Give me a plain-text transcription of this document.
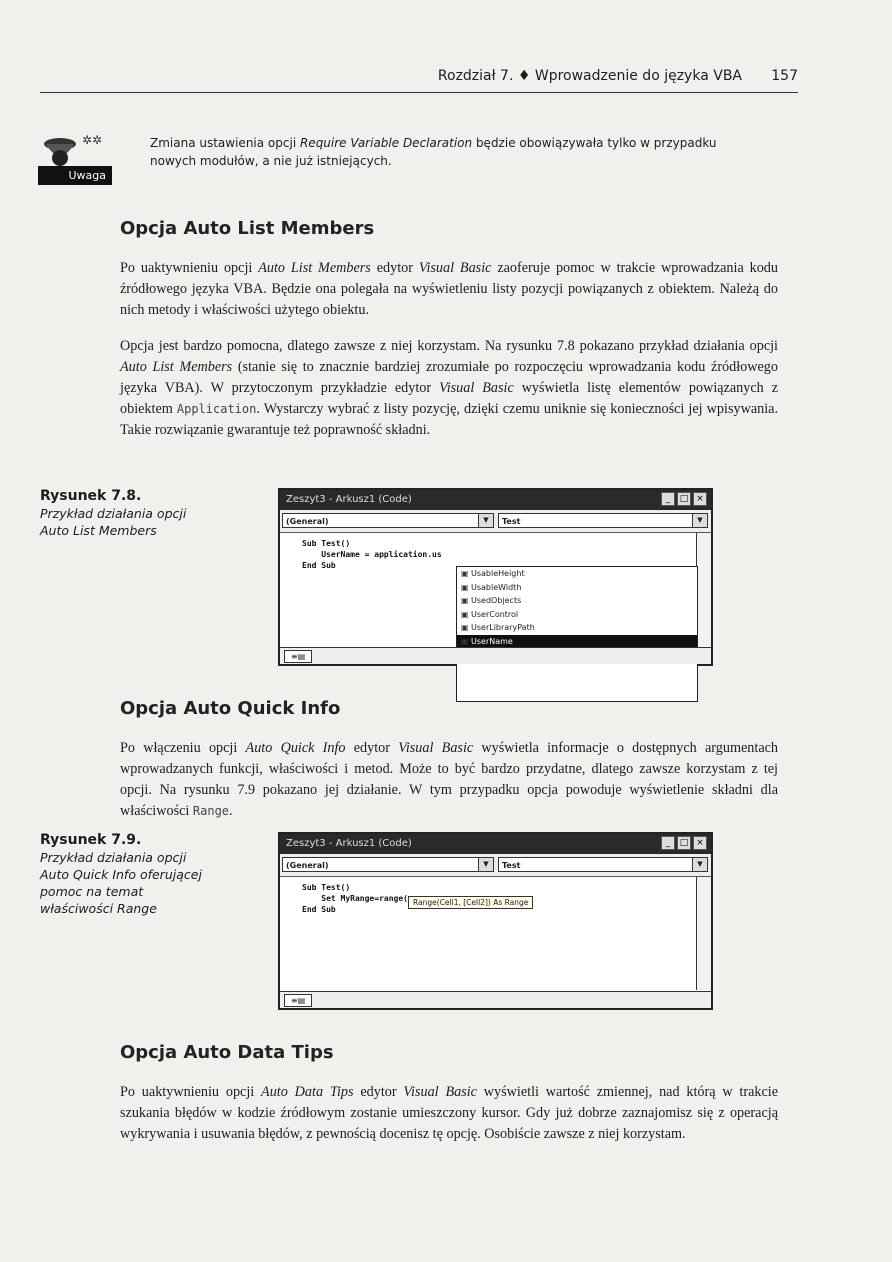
Rozdział 7. ♦ Wprowadzenie do języka VBA 157
✲✲
Uwaga
Zmiana ustawienia opcji Require Variable Declaration będzie obowiązywała tylko w przypadku nowych modułów, a nie już istniejących.
Opcja Auto List Members

Po uaktywnieniu opcji Auto List Members edytor Visual Basic zaoferuje pomoc w trakcie wprowadzania kodu źródłowego języka VBA. Będzie ona polegała na wyświetleniu listy pozycji powiązanych z obiektem. Należą do nich metody i właściwości użytego obiektu.

Opcja jest bardzo pomocna, dlatego zawsze z niej korzystam. Na rysunku 7.8 pokazano przykład działania opcji Auto List Members (stanie się to znacznie bardziej zrozumiałe po rozpoczęciu wprowadzania kodu źródłowego języka VBA). W przytoczonym przykładzie edytor Visual Basic wyświetla listę elementów powiązanych z obiektem Application. Wystarczy wybrać z listy pozycję, dzięki czemu uniknie się konieczności jej wpisywania. Takie rozwiązanie gwarantuje też poprawność składni.

Rysunek 7.8.
Przykład działania opcji Auto List Members
Zeszyt3 - Arkusz1 (Code)	_	□ ×
(General)	▼	Test	▼
Sub Test()
UserName = application.us
End Sub
▣ UsableHeight
▣ UsableWidth
▣ UsedObjects
▣ UserControl
▣ UserLibraryPath
▣ UserName
≡▤
Opcja Auto Quick Info

Po włączeniu opcji Auto Quick Info edytor Visual Basic wyświetla informacje o dostępnych argumentach wprowadzanych funkcji, właściwości i metod. Może to być bardzo przydatne, dlatego zawsze korzystam z tej opcji. Na rysunku 7.9 pokazano jej działanie. W tym przypadku opcja powoduje wyświetlenie składni dla właściwości Range.

Rysunek 7.9.
Przykład działania opcji Auto Quick Info oferującej pomoc na temat właściwości Range
Zeszyt3 - Arkusz1 (Code)	_	□ ×
(General)	▼	Test	▼
Sub Test()
Set MyRange=range(
End Sub
Range(Cell1, [Cell2]) As Range
≡▤
Opcja Auto Data Tips

Po uaktywnieniu opcji Auto Data Tips edytor Visual Basic wyświetli wartość zmiennej, nad którą w trakcie szukania błędów w kodzie źródłowym zostanie umieszczony kursor. Gdy już dobrze zaznajomisz się z operacją wykrywania i usuwania błędów, z pewnością docenisz tę opcję. Osobiście zawsze z niej korzystam.
